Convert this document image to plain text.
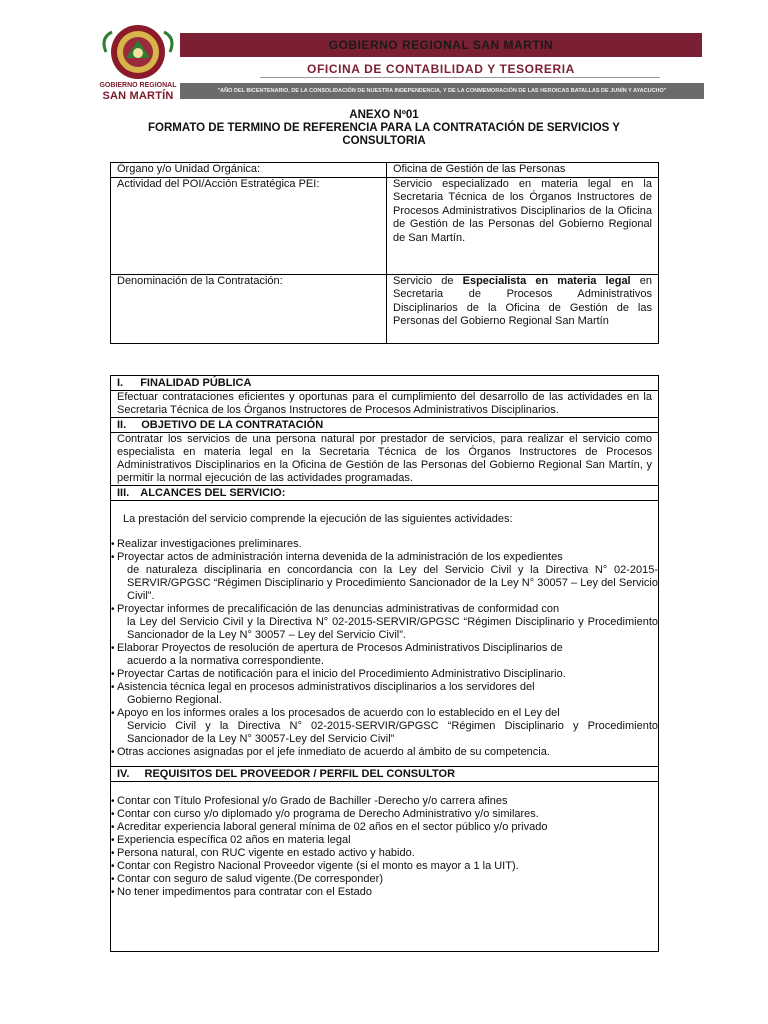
GOBIERNO REGIONAL
SAN MARTÍN
GOBIERNO REGIONAL SAN MARTIN
OFICINA DE CONTABILIDAD Y TESORERIA
"AÑO DEL BICENTENARIO, DE LA CONSOLIDACIÓN DE NUESTRA INDEPENDENCIA, Y DE LA CONMEMORACIÓN DE LAS HEROICAS BATALLAS DE JUNÍN Y AYACUCHO"
ANEXO Nº01
FORMATO DE TERMINO DE REFERENCIA PARA LA CONTRATACIÓN DE SERVICIOS Y CONSULTORIA
Órgano y/o Unidad Orgánica:	Oficina de Gestión de las Personas
Actividad del POI/Acción Estratégica PEI:	Servicio especializado en materia legal en la Secretaria Técnica de los Órganos Instructores de Procesos Administrativos Disciplinarios de la Oficina de Gestión de las Personas del Gobierno Regional de San Martín.
Denominación de la Contratación:	Servicio de Especialista en materia legal en Secretaria de Procesos Administrativos Disciplinarios de la Oficina de Gestión de las Personas del Gobierno Regional San Martín
I. FINALIDAD PÚBLICA
Efectuar contrataciones eficientes y oportunas para el cumplimiento del desarrollo de las actividades en la Secretaria Técnica de los Órganos Instructores de Procesos Administrativos Disciplinarios.
II. OBJETIVO DE LA CONTRATACIÓN
Contratar los servicios de una persona natural por prestador de servicios, para realizar el servicio como especialista en materia legal en la Secretaria Técnica de los Órganos Instructores de Procesos Administrativos Disciplinarios en la Oficina de Gestión de las Personas del Gobierno Regional San Martín, y permitir la normal ejecución de las actividades programadas.
III. ALCANCES DEL SERVICIO:
La prestación del servicio comprende la ejecución de las siguientes actividades:
• Realizar investigaciones preliminares.
• Proyectar actos de administración interna devenida de la administración de los expedientes
de naturaleza disciplinaria en concordancia con la Ley del Servicio Civil y la Directiva N° 02-2015-SERVIR/GPGSC “Régimen Disciplinario y Procedimiento Sancionador de la Ley N° 30057 – Ley del Servicio Civil”.
• Proyectar informes de precalificación de las denuncias administrativas de conformidad con
la Ley del Servicio Civil y la Directiva N° 02-2015-SERVIR/GPGSC “Régimen Disciplinario y Procedimiento Sancionador de la Ley N° 30057 – Ley del Servicio Civil”.
• Elaborar Proyectos de resolución de apertura de Procesos Administrativos Disciplinarios de
acuerdo a la normativa correspondiente.
• Proyectar Cartas de notificación para el inicio del Procedimiento Administrativo Disciplinario.
• Asistencia técnica legal en procesos administrativos disciplinarios a los servidores del
Gobierno Regional.
• Apoyo en los informes orales a los procesados de acuerdo con lo establecido en el Ley del
Servicio Civil y la Directiva N° 02-2015-SERVIR/GPGSC “Régimen Disciplinario y Procedimiento Sancionador de la Ley N° 30057-Ley del Servicio Civil”
• Otras acciones asignadas por el jefe inmediato de acuerdo al ámbito de su competencia.
IV. REQUISITOS DEL PROVEEDOR / PERFIL DEL CONSULTOR
• Contar con Título Profesional y/o Grado de Bachiller -Derecho y/o carrera afines
• Contar con curso y/o diplomado y/o programa de Derecho Administrativo y/o similares.
• Acreditar experiencia laboral general mínima de 02 años en el sector público y/o privado
• Experiencia específica 02 años en materia legal
• Persona natural, con RUC vigente en estado activo y habido.
• Contar con Registro Nacional Proveedor vigente (si el monto es mayor a 1 la UIT).
• Contar con seguro de salud vigente.(De corresponder)
• No tener impedimentos para contratar con el Estado
